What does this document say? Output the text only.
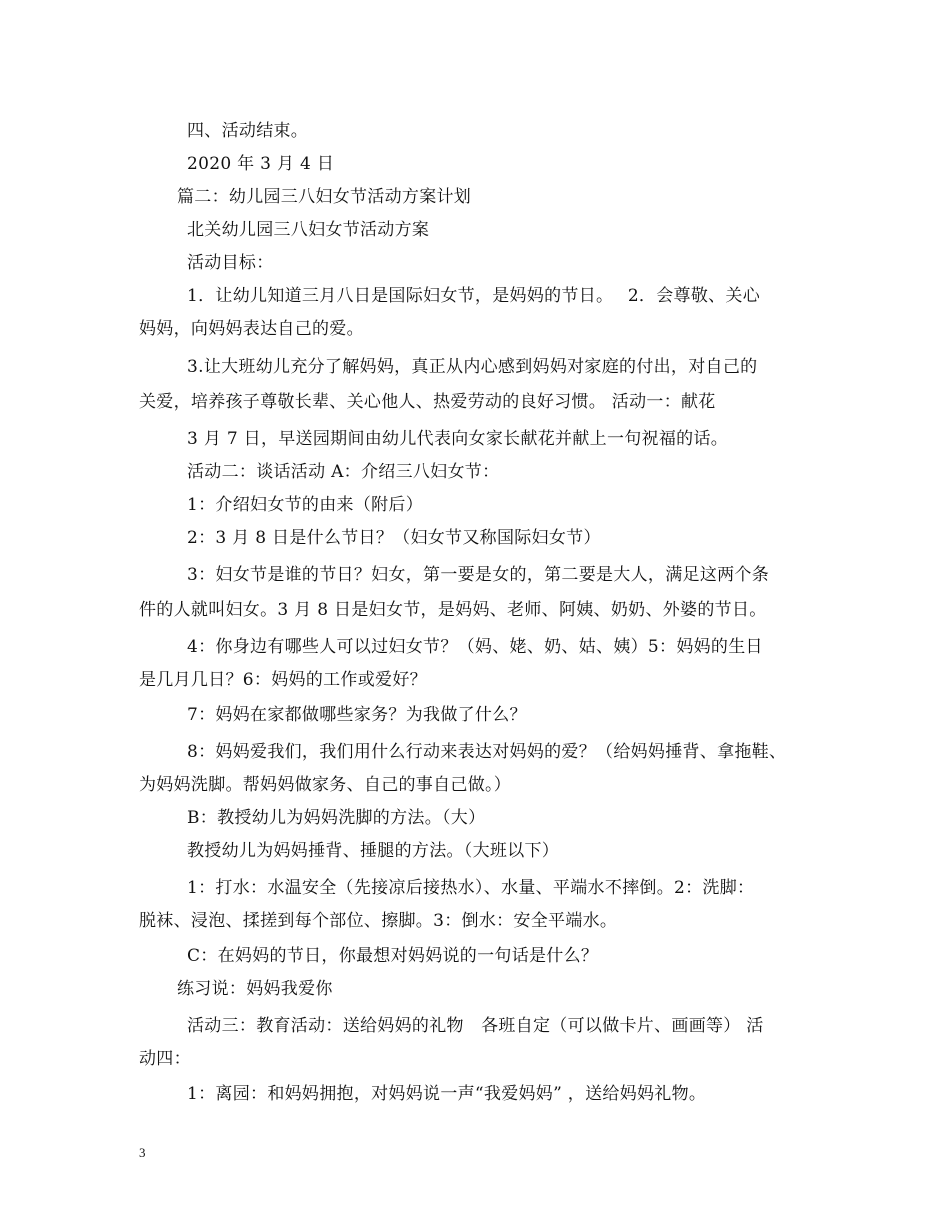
四、活动结束。
2020 年 3 月 4 日
篇二：幼儿园三八妇女节活动方案计划
北关幼儿园三八妇女节活动方案
活动目标：
1．让幼儿知道三月八日是国际妇女节，是妈妈的节日。　 2．会尊敬、关心
妈妈，向妈妈表达自己的爱。
3.让大班幼儿充分了解妈妈，真正从内心感到妈妈对家庭的付出，对自己的
关爱，培养孩子尊敬长辈、关心他人、热爱劳动的良好习惯。 活动一：献花
3 月 7 日，早送园期间由幼儿代表向女家长献花并献上一句祝福的话。
活动二：谈话活动 A：介绍三八妇女节：
1：介绍妇女节的由来（附后）
2：3 月 8 日是什么节日？（妇女节又称国际妇女节）
3：妇女节是谁的节日？妇女，第一要是女的，第二要是大人，满足这两个条
件的人就叫妇女。3 月 8 日是妇女节，是妈妈、老师、阿姨、奶奶、外婆的节日。
4：你身边有哪些人可以过妇女节？（妈、姥、奶、姑、姨）5：妈妈的生日
是几月几日？6：妈妈的工作或爱好？
7：妈妈在家都做哪些家务？为我做了什么？
8：妈妈爱我们，我们用什么行动来表达对妈妈的爱？（给妈妈捶背、拿拖鞋、
为妈妈洗脚。帮妈妈做家务、自己的事自己做。）
B：教授幼儿为妈妈洗脚的方法。（大）
教授幼儿为妈妈捶背、捶腿的方法。（大班以下）
1：打水：水温安全（先接凉后接热水）、水量、平端水不摔倒。2：洗脚：
脱袜、浸泡、揉搓到每个部位、擦脚。3：倒水：安全平端水。
C：在妈妈的节日，你最想对妈妈说的一句话是什么？
练习说：妈妈我爱你
活动三：教育活动：送给妈妈的礼物　各班自定（可以做卡片、画画等） 活
动四：
1：离园：和妈妈拥抱，对妈妈说一声“我爱妈妈” ，送给妈妈礼物。
3
